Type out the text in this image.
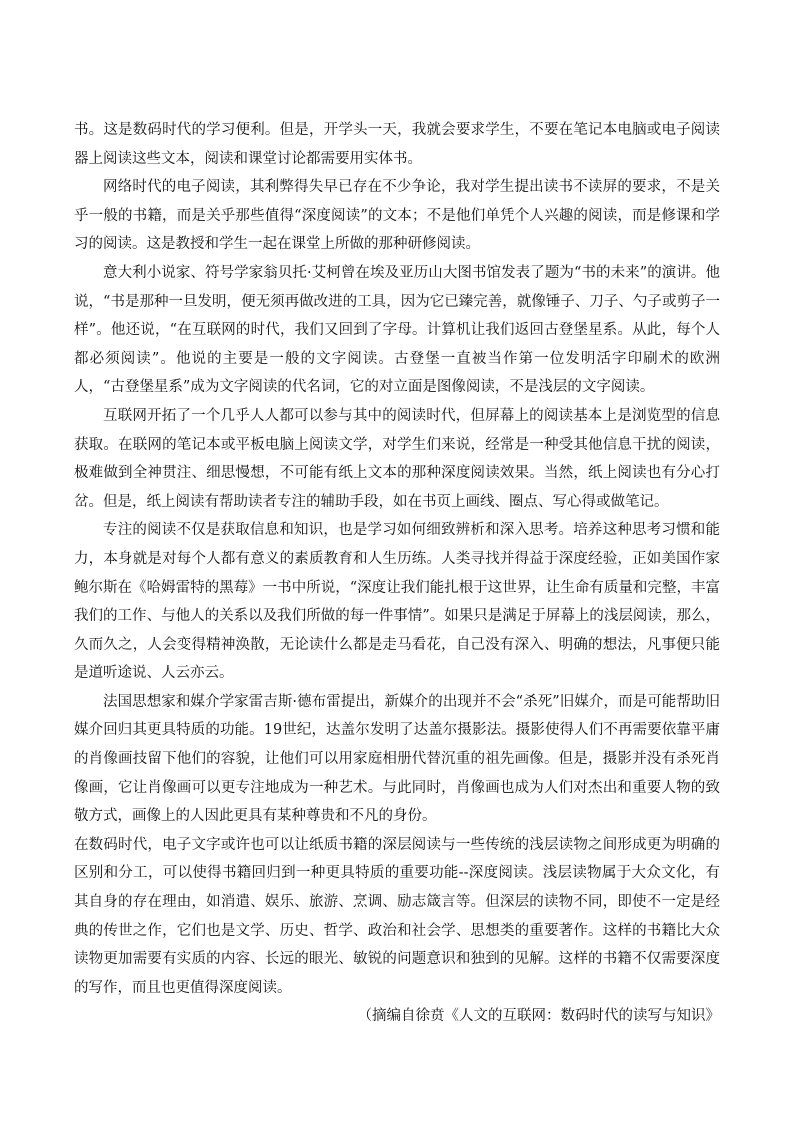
书。这是数码时代的学习便利。但是，开学头一天，我就会要求学生，不要在笔记本电脑或电子阅读器上阅读这些文本，阅读和课堂讨论都需要用实体书。

网络时代的电子阅读，其利弊得失早已存在不少争论，我对学生提出读书不读屏的要求，不是关乎一般的书籍，而是关乎那些值得“深度阅读”的文本；不是他们单凭个人兴趣的阅读，而是修课和学习的阅读。这是教授和学生一起在课堂上所做的那种研修阅读。

意大利小说家、符号学家翁贝托·艾柯曾在埃及亚历山大图书馆发表了题为“书的未来”的演讲。他说，“书是那种一旦发明，便无须再做改进的工具，因为它已臻完善，就像锤子、刀子、勺子或剪子一样”。他还说，“在互联网的时代，我们又回到了字母。计算机让我们返回古登堡星系。从此，每个人都必须阅读”。他说的主要是一般的文字阅读。古登堡一直被当作第一位发明活字印刷术的欧洲人，“古登堡星系”成为文字阅读的代名词，它的对立面是图像阅读，不是浅层的文字阅读。

互联网开拓了一个几乎人人都可以参与其中的阅读时代，但屏幕上的阅读基本上是浏览型的信息获取。在联网的笔记本或平板电脑上阅读文学，对学生们来说，经常是一种受其他信息干扰的阅读，极难做到全神贯注、细思慢想，不可能有纸上文本的那种深度阅读效果。当然，纸上阅读也有分心打岔。但是，纸上阅读有帮助读者专注的辅助手段，如在书页上画线、圈点、写心得或做笔记。

专注的阅读不仅是获取信息和知识，也是学习如何细致辨析和深入思考。培养这种思考习惯和能力，本身就是对每个人都有意义的素质教育和人生历练。人类寻找并得益于深度经验，正如美国作家鲍尔斯在《哈姆雷特的黑莓》一书中所说，“深度让我们能扎根于这世界，让生命有质量和完整，丰富我们的工作、与他人的关系以及我们所做的每一件事情”。如果只是满足于屏幕上的浅层阅读，那么，久而久之，人会变得精神涣散，无论读什么都是走马看花，自己没有深入、明确的想法，凡事便只能是道听途说、人云亦云。

法国思想家和媒介学家雷吉斯·德布雷提出，新媒介的出现并不会“杀死”旧媒介，而是可能帮助旧媒介回归其更具特质的功能。19世纪，达盖尔发明了达盖尔摄影法。摄影使得人们不再需要依靠平庸的肖像画技留下他们的容貌，让他们可以用家庭相册代替沉重的祖先画像。但是，摄影并没有杀死肖像画，它让肖像画可以更专注地成为一种艺术。与此同时，肖像画也成为人们对杰出和重要人物的致敬方式，画像上的人因此更具有某种尊贵和不凡的身份。

在数码时代，电子文字或许也可以让纸质书籍的深层阅读与一些传统的浅层读物之间形成更为明确的区别和分工，可以使得书籍回归到一种更具特质的重要功能--深度阅读。浅层读物属于大众文化，有其自身的存在理由，如消遣、娱乐、旅游、烹调、励志箴言等。但深层的读物不同，即使不一定是经典的传世之作，它们也是文学、历史、哲学、政治和社会学、思想类的重要著作。这样的书籍比大众读物更加需要有实质的内容、长远的眼光、敏锐的问题意识和独到的见解。这样的书籍不仅需要深度的写作，而且也更值得深度阅读。

（摘编自徐贲《人文的互联网：数码时代的读写与知识》
